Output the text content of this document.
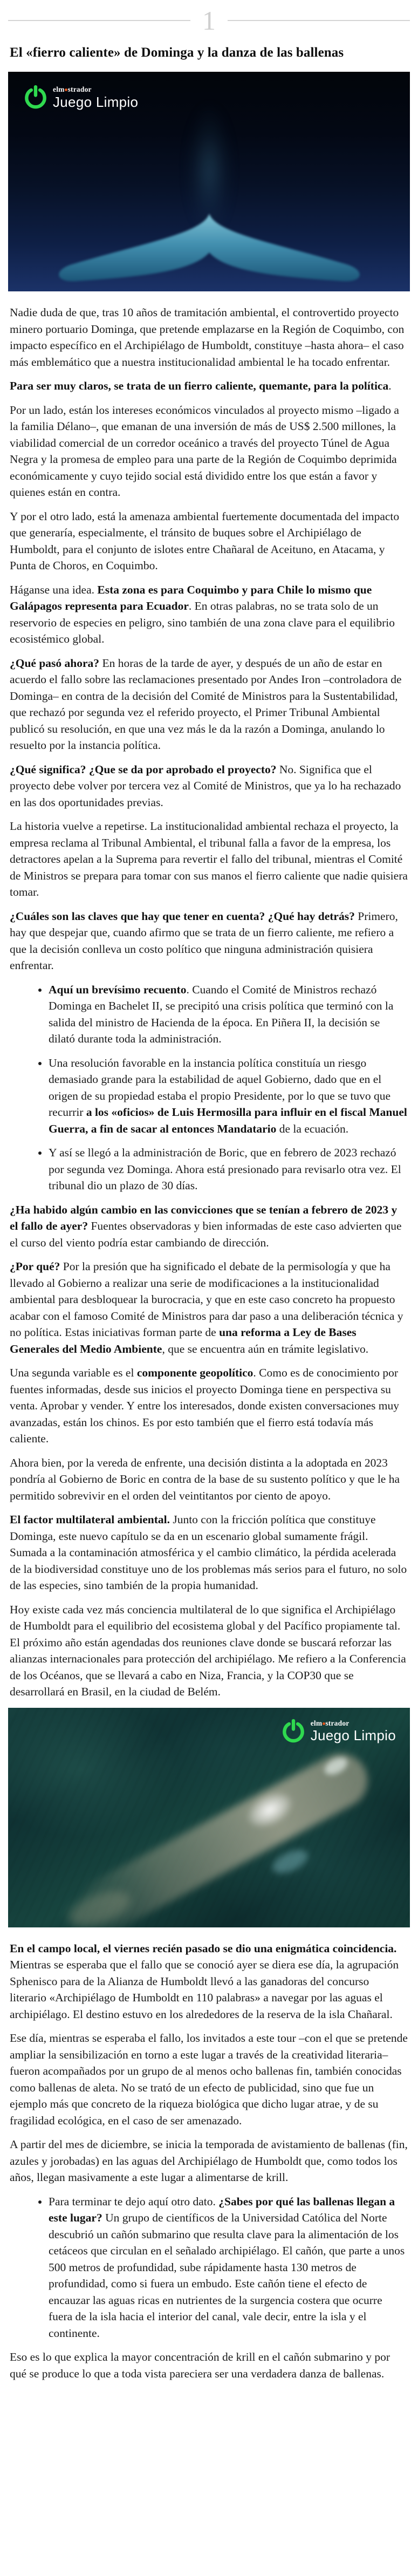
1
El «fierro caliente» de Dominga y la danza de las ballenas
elm strador
Juego Limpio

Nadie duda de que, tras 10 años de tramitación ambiental, el controvertido proyecto minero portuario Dominga, que pretende emplazarse en la Región de Coquimbo, con impacto específico en el Archipiélago de Humboldt, constituye –hasta ahora– el caso más emblemático que a nuestra institucionalidad ambiental le ha tocado enfrentar.

Para ser muy claros, se trata de un fierro caliente, quemante, para la política.

Por un lado, están los intereses económicos vinculados al proyecto mismo –ligado a la familia Délano–, que emanan de una inversión de más de US$ 2.500 millones, la viabilidad comercial de un corredor oceánico a través del proyecto Túnel de Agua Negra y la promesa de empleo para una parte de la Región de Coquimbo deprimida económicamente y cuyo tejido social está dividido entre los que están a favor y quienes están en contra.

Y por el otro lado, está la amenaza ambiental fuertemente documentada del impacto que generaría, especialmente, el tránsito de buques sobre el Archipiélago de Humboldt, para el conjunto de islotes entre Chañaral de Aceituno, en Atacama, y Punta de Choros, en Coquimbo.

Háganse una idea. Esta zona es para Coquimbo y para Chile lo mismo que Galápagos representa para Ecuador. En otras palabras, no se trata solo de un reservorio de especies en peligro, sino también de una zona clave para el equilibrio ecosistémico global.

¿Qué pasó ahora? En horas de la tarde de ayer, y después de un año de estar en acuerdo el fallo sobre las reclamaciones presentado por Andes Iron –controladora de Dominga– en contra de la decisión del Comité de Ministros para la Sustentabilidad, que rechazó por segunda vez el referido proyecto, el Primer Tribunal Ambiental publicó su resolución, en que una vez más le da la razón a Dominga, anulando lo resuelto por la instancia política.

¿Qué significa? ¿Que se da por aprobado el proyecto? No. Significa que el proyecto debe volver por tercera vez al Comité de Ministros, que ya lo ha rechazado en las dos oportunidades previas.

La historia vuelve a repetirse. La institucionalidad ambiental rechaza el proyecto, la empresa reclama al Tribunal Ambiental, el tribunal falla a favor de la empresa, los detractores apelan a la Suprema para revertir el fallo del tribunal, mientras el Comité de Ministros se prepara para tomar con sus manos el fierro caliente que nadie quisiera tomar.

¿Cuáles son las claves que hay que tener en cuenta? ¿Qué hay detrás? Primero, hay que despejar que, cuando afirmo que se trata de un fierro caliente, me refiero a que la decisión conlleva un costo político que ninguna administración quisiera enfrentar.

• Aquí un brevísimo recuento. Cuando el Comité de Ministros rechazó Dominga en Bachelet II, se precipitó una crisis política que terminó con la salida del ministro de Hacienda de la época. En Piñera II, la decisión se dilató durante toda la administración.
• Una resolución favorable en la instancia política constituía un riesgo demasiado grande para la estabilidad de aquel Gobierno, dado que en el origen de su propiedad estaba el propio Presidente, por lo que se tuvo que recurrir a los «oficios» de Luis Hermosilla para influir en el fiscal Manuel Guerra, a fin de sacar al entonces Mandatario de la ecuación.
• Y así se llegó a la administración de Boric, que en febrero de 2023 rechazó por segunda vez Dominga. Ahora está presionado para revisarlo otra vez. El tribunal dio un plazo de 30 días.

¿Ha habido algún cambio en las convicciones que se tenían a febrero de 2023 y el fallo de ayer? Fuentes observadoras y bien informadas de este caso advierten que el curso del viento podría estar cambiando de dirección.

¿Por qué? Por la presión que ha significado el debate de la permisología y que ha llevado al Gobierno a realizar una serie de modificaciones a la institucionalidad ambiental para desbloquear la burocracia, y que en este caso concreto ha propuesto acabar con el famoso Comité de Ministros para dar paso a una deliberación técnica y no política. Estas iniciativas forman parte de una reforma a Ley de Bases Generales del Medio Ambiente, que se encuentra aún en trámite legislativo.

Una segunda variable es el componente geopolítico. Como es de conocimiento por fuentes informadas, desde sus inicios el proyecto Dominga tiene en perspectiva su venta. Aprobar y vender. Y entre los interesados, donde existen conversaciones muy avanzadas, están los chinos. Es por esto también que el fierro está todavía más caliente.

Ahora bien, por la vereda de enfrente, una decisión distinta a la adoptada en 2023 pondría al Gobierno de Boric en contra de la base de su sustento político y que le ha permitido sobrevivir en el orden del veintitantos por ciento de apoyo.

El factor multilateral ambiental. Junto con la fricción política que constituye Dominga, este nuevo capítulo se da en un escenario global sumamente frágil. Sumada a la contaminación atmosférica y el cambio climático, la pérdida acelerada de la biodiversidad constituye uno de los problemas más serios para el futuro, no solo de las especies, sino también de la propia humanidad.

Hoy existe cada vez más conciencia multilateral de lo que significa el Archipiélago de Humboldt para el equilibrio del ecosistema global y del Pacífico propiamente tal. El próximo año están agendadas dos reuniones clave donde se buscará reforzar las alianzas internacionales para protección del archipiélago. Me refiero a la Conferencia de los Océanos, que se llevará a cabo en Niza, Francia, y la COP30 que se desarrollará en Brasil, en la ciudad de Belém.

elm strador
Juego Limpio

En el campo local, el viernes recién pasado se dio una enigmática coincidencia. Mientras se esperaba que el fallo que se conoció ayer se diera ese día, la agrupación Sphenisco para de la Alianza de Humboldt llevó a las ganadoras del concurso literario «Archipiélago de Humboldt en 110 palabras» a navegar por las aguas el archipiélago. El destino estuvo en los alrededores de la reserva de la isla Chañaral.

Ese día, mientras se esperaba el fallo, los invitados a este tour –con el que se pretende ampliar la sensibilización en torno a este lugar a través de la creatividad literaria– fueron acompañados por un grupo de al menos ocho ballenas fin, también conocidas como ballenas de aleta. No se trató de un efecto de publicidad, sino que fue un ejemplo más que concreto de la riqueza biológica que dicho lugar atrae, y de su fragilidad ecológica, en el caso de ser amenazado.

A partir del mes de diciembre, se inicia la temporada de avistamiento de ballenas (fin, azules y jorobadas) en las aguas del Archipiélago de Humboldt que, como todos los años, llegan masivamente a este lugar a alimentarse de krill.

• Para terminar te dejo aquí otro dato. ¿Sabes por qué las ballenas llegan a este lugar? Un grupo de científicos de la Universidad Católica del Norte descubrió un cañón submarino que resulta clave para la alimentación de los cetáceos que circulan en el señalado archipiélago. El cañón, que parte a unos 500 metros de profundidad, sube rápidamente hasta 130 metros de profundidad, como si fuera un embudo. Este cañón tiene el efecto de encauzar las aguas ricas en nutrientes de la surgencia costera que ocurre fuera de la isla hacia el interior del canal, vale decir, entre la isla y el continente.

Eso es lo que explica la mayor concentración de krill en el cañón submarino y por qué se produce lo que a toda vista pareciera ser una verdadera danza de ballenas.
